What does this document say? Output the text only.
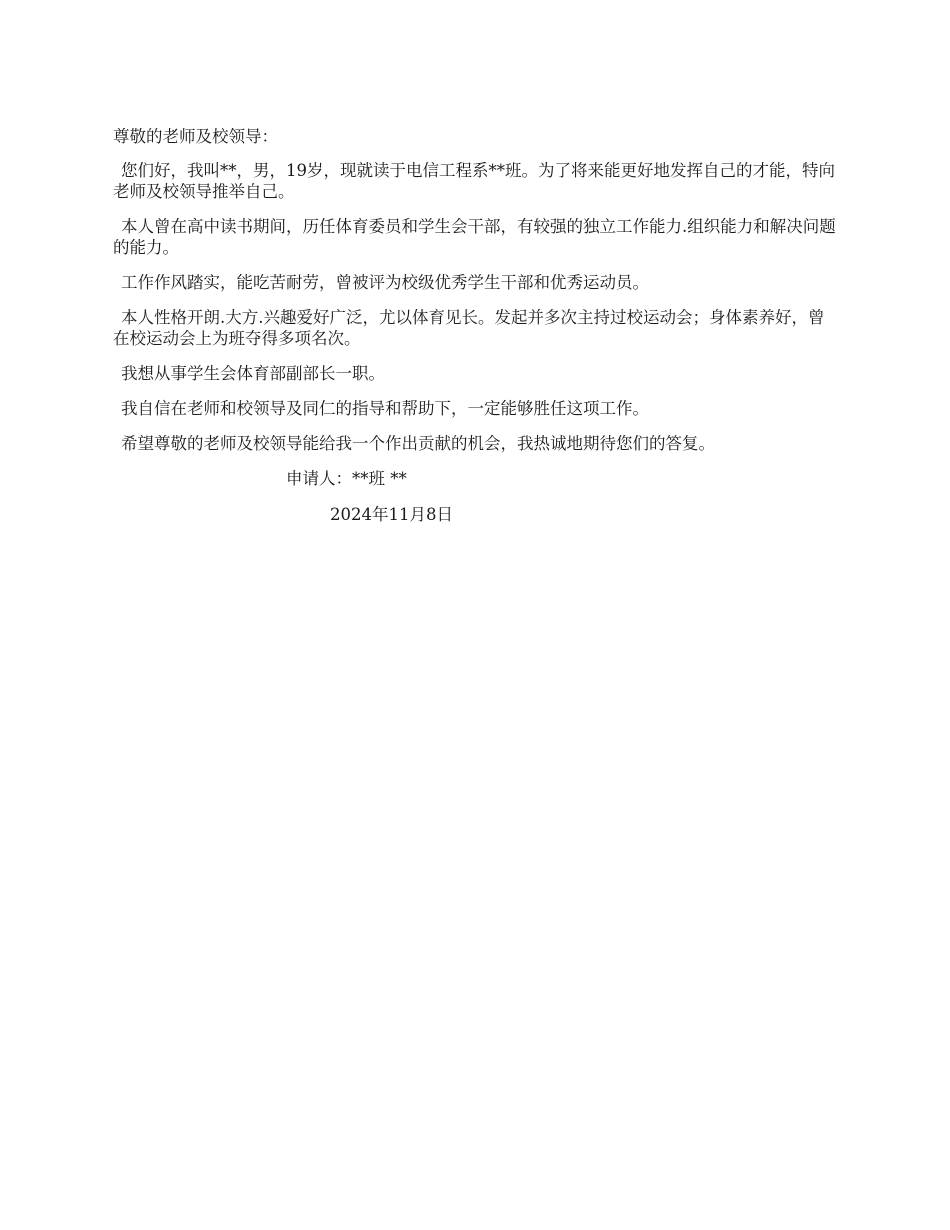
尊敬的老师及校领导：

您们好，我叫**，男，19岁，现就读于电信工程系**班。为了将来能更好地发挥自己的才能，特向老师及校领导推举自己。

本人曾在高中读书期间，历任体育委员和学生会干部，有较强的独立工作能力.组织能力和解决问题的能力。

工作作风踏实，能吃苦耐劳，曾被评为校级优秀学生干部和优秀运动员。

本人性格开朗.大方.兴趣爱好广泛，尤以体育见长。发起并多次主持过校运动会；身体素养好，曾在校运动会上为班夺得多项名次。

我想从事学生会体育部副部长一职。

我自信在老师和校领导及同仁的指导和帮助下，一定能够胜任这项工作。

希望尊敬的老师及校领导能给我一个作出贡献的机会，我热诚地期待您们的答复。

申请人：**班 **

2024年11月8日
